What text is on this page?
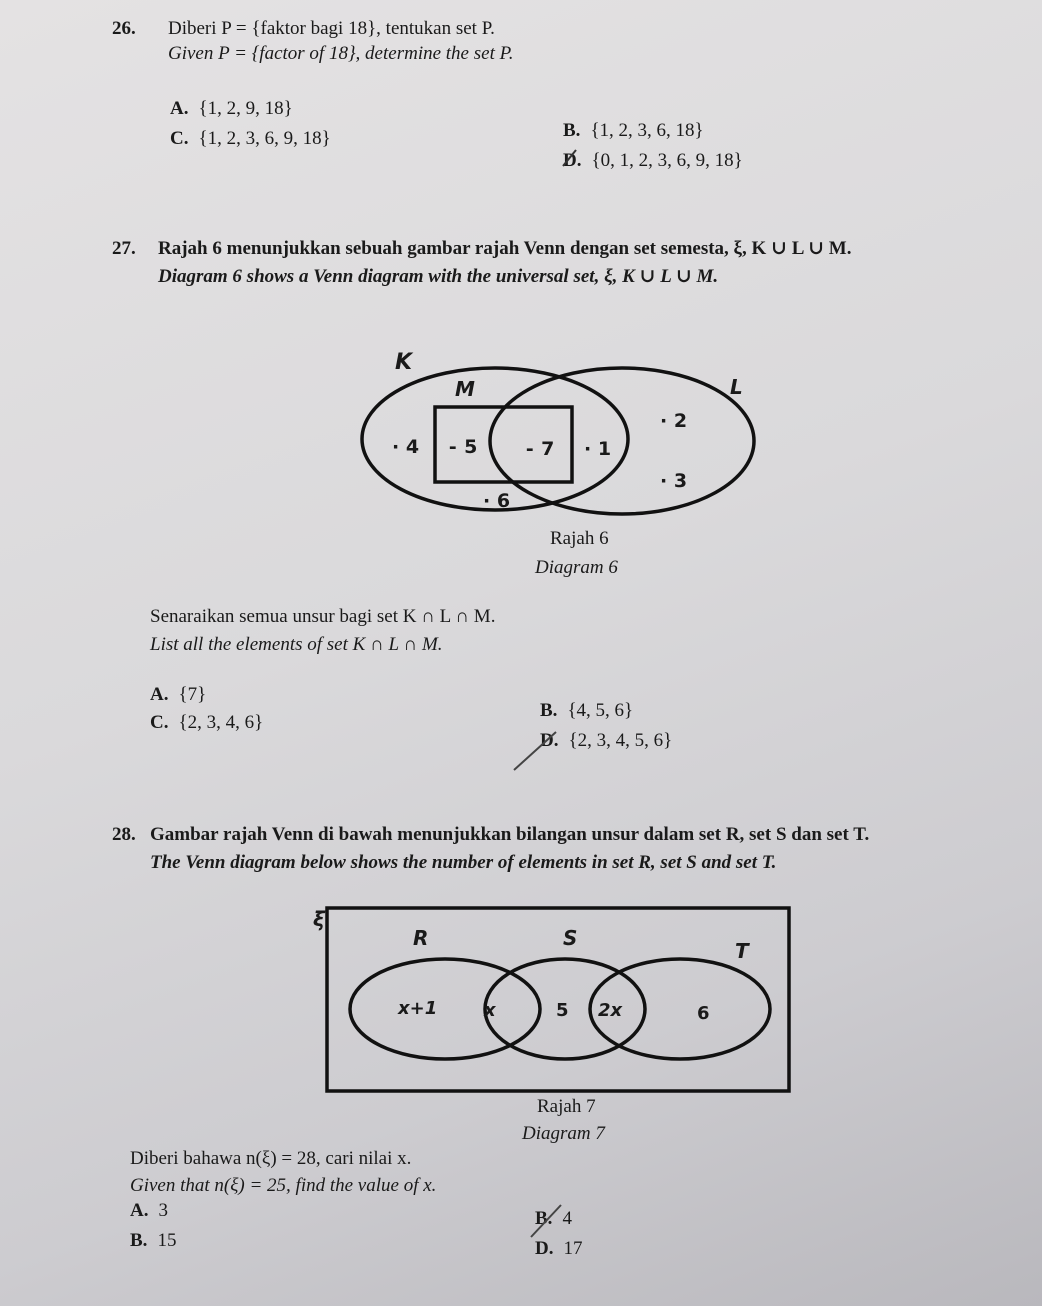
26. Diberi P = {faktor bagi 18}, tentukan set P.
Given P = {factor of 18}, determine the set P.
A. {1, 2, 9, 18}
C. {1, 2, 3, 6, 9, 18}	B. {1, 2, 3, 6, 18}
D. {0, 1, 2, 3, 6, 9, 18}
27. Rajah 6 menunjukkan sebuah gambar rajah Venn dengan set semesta, ξ, K ∪ L ∪ M.
Diagram 6 shows a Venn diagram with the universal set, ξ, K ∪ L ∪ M.
K
M	L
· 4 ⁃ 5	⁃ 7 · 1
· 2
· 3
· 6
Rajah 6
Diagram 6
Senaraikan semua unsur bagi set K ∩ L ∩ M.
List all the elements of set K ∩ L ∩ M.
A. {7}
C. {2, 3, 4, 6}
B. {4, 5, 6}
D. {2, 3, 4, 5, 6}
28. Gambar rajah Venn di bawah menunjukkan bilangan unsur dalam set R, set S dan set T.
The Venn diagram below shows the number of elements in set R, set S and set T.
ξ
R	S
T
x+1	x	5 2x	6
Rajah 7
Diagram 7
Diberi bahawa n(ξ) = 28, cari nilai x.
Given that n(ξ) = 25, find the value of x.
A. 3
B. 15
B. 4
D. 17
